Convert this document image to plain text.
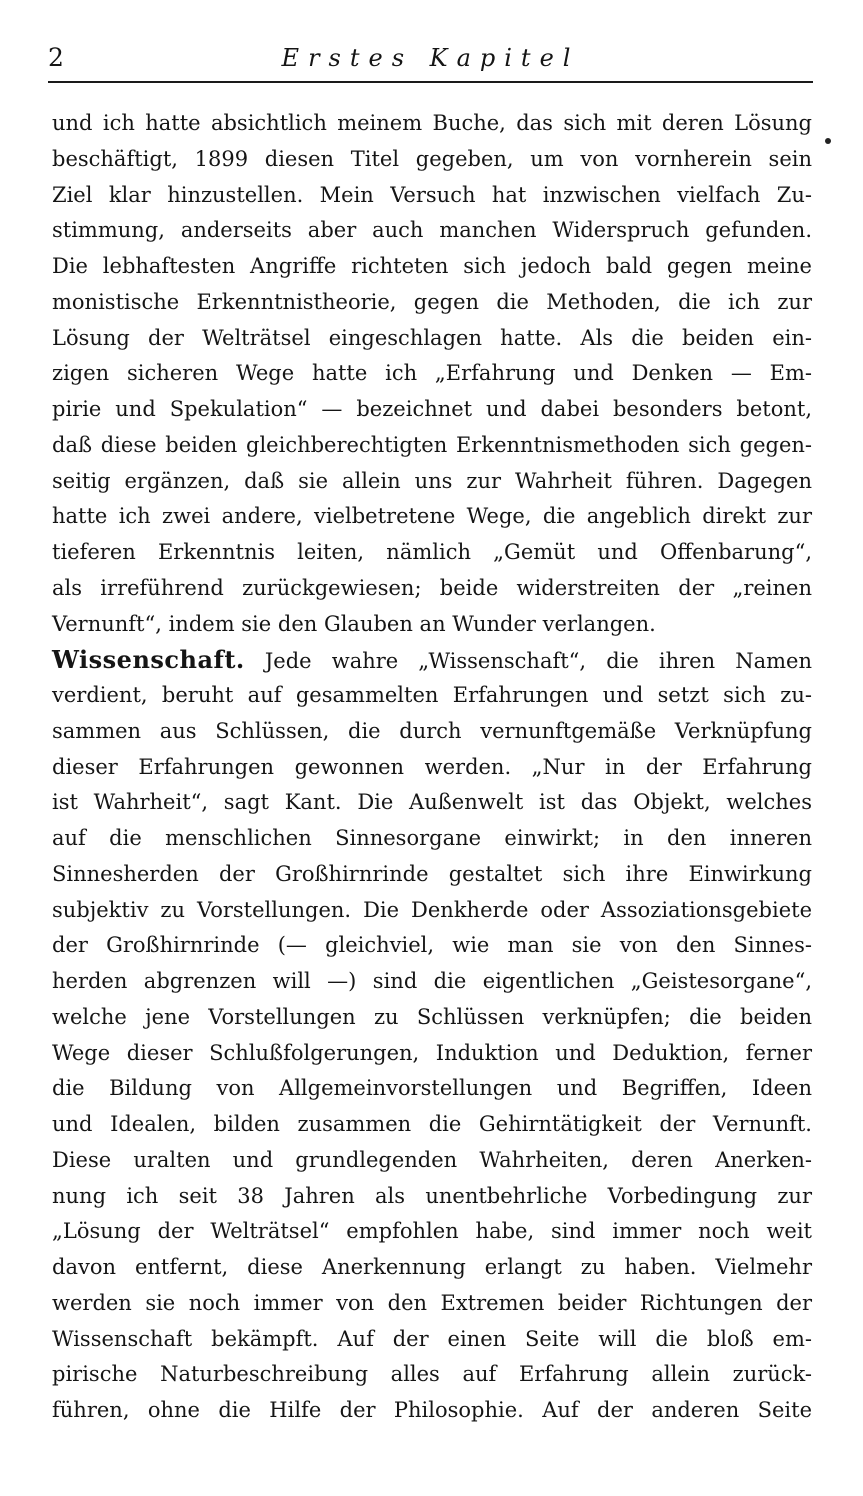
2	Erstes Kapitel
und ich hatte absichtlich meinem Buche, das sich mit deren Lösung
beschäftigt, 1899 diesen Titel gegeben, um von vornherein sein
Ziel klar hinzustellen. Mein Versuch hat inzwischen vielfach Zu-
stimmung, anderseits aber auch manchen Widerspruch gefunden.
Die lebhaftesten Angriffe richteten sich jedoch bald gegen meine
monistische Erkenntnistheorie, gegen die Methoden, die ich zur
Lösung der Welträtsel eingeschlagen hatte. Als die beiden ein-
zigen sicheren Wege hatte ich „Erfahrung und Denken — Em-
pirie und Spekulation“ — bezeichnet und dabei besonders betont,
daß diese beiden gleichberechtigten Erkenntnismethoden sich gegen-
seitig ergänzen, daß sie allein uns zur Wahrheit führen. Dagegen
hatte ich zwei andere, vielbetretene Wege, die angeblich direkt zur
tieferen Erkenntnis leiten, nämlich „Gemüt und Offenbarung“,
als irreführend zurückgewiesen; beide widerstreiten der „reinen
Vernunft“, indem sie den Glauben an Wunder verlangen.
Wissenschaft. Jede wahre „Wissenschaft“, die ihren Namen
verdient, beruht auf gesammelten Erfahrungen und setzt sich zu-
sammen aus Schlüssen, die durch vernunftgemäße Verknüpfung
dieser Erfahrungen gewonnen werden. „Nur in der Erfahrung
ist Wahrheit“, sagt Kant. Die Außenwelt ist das Objekt, welches
auf die menschlichen Sinnesorgane einwirkt; in den inneren
Sinnesherden der Großhirnrinde gestaltet sich ihre Einwirkung
subjektiv zu Vorstellungen. Die Denkherde oder Assoziationsgebiete
der Großhirnrinde (— gleichviel, wie man sie von den Sinnes-
herden abgrenzen will —) sind die eigentlichen „Geistesorgane“,
welche jene Vorstellungen zu Schlüssen verknüpfen; die beiden
Wege dieser Schlußfolgerungen, Induktion und Deduktion, ferner
die Bildung von Allgemeinvorstellungen und Begriffen, Ideen
und Idealen, bilden zusammen die Gehirntätigkeit der Vernunft.
Diese uralten und grundlegenden Wahrheiten, deren Anerken-
nung ich seit 38 Jahren als unentbehrliche Vorbedingung zur
„Lösung der Welträtsel“ empfohlen habe, sind immer noch weit
davon entfernt, diese Anerkennung erlangt zu haben. Vielmehr
werden sie noch immer von den Extremen beider Richtungen der
Wissenschaft bekämpft. Auf der einen Seite will die bloß em-
pirische Naturbeschreibung alles auf Erfahrung allein zurück-
führen, ohne die Hilfe der Philosophie. Auf der anderen Seite
